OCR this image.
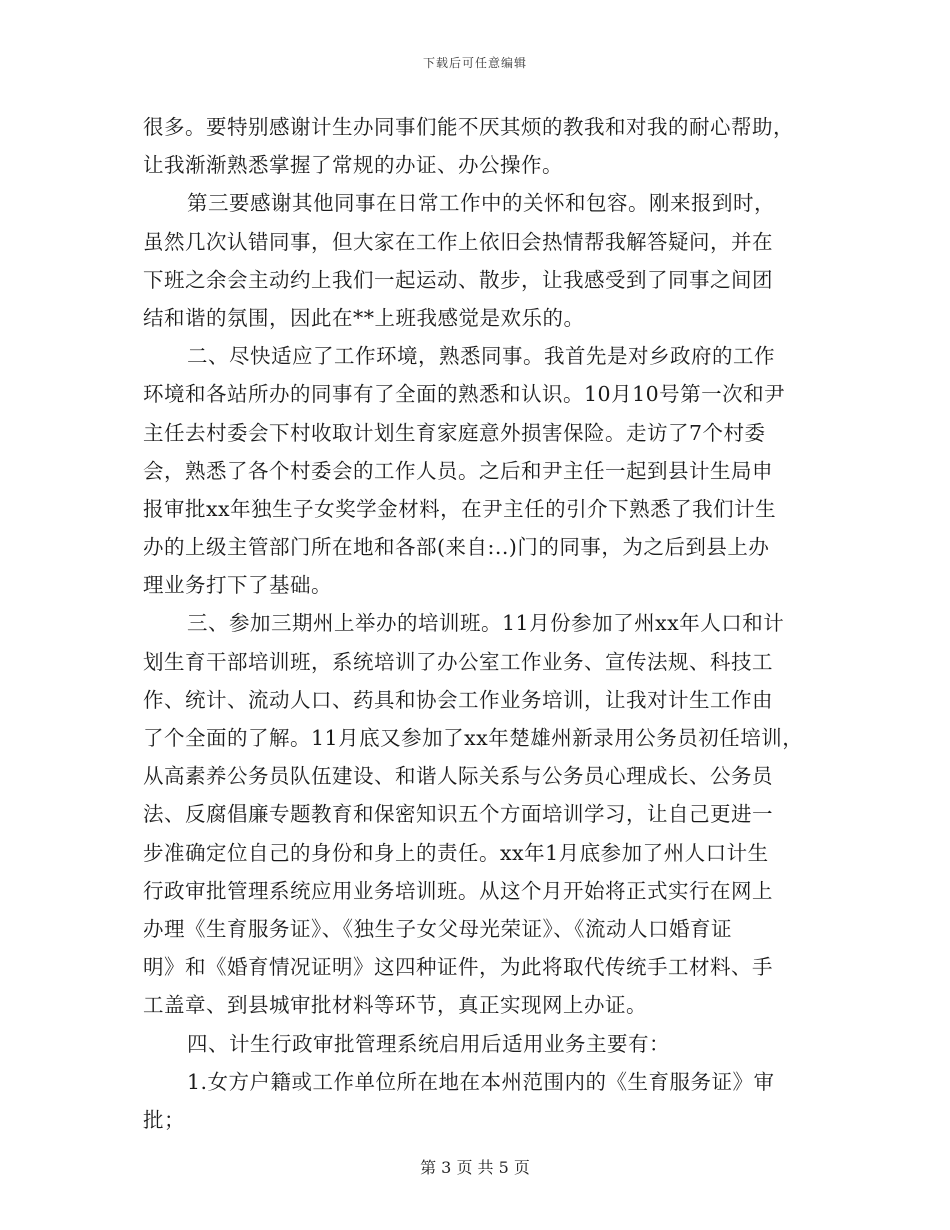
下载后可任意编辑
很多。要特别感谢计生办同事们能不厌其烦的教我和对我的耐心帮助，
让我渐渐熟悉掌握了常规的办证、办公操作。
第三要感谢其他同事在日常工作中的关怀和包容。刚来报到时，
虽然几次认错同事，但大家在工作上依旧会热情帮我解答疑问，并在
下班之余会主动约上我们一起运动、散步，让我感受到了同事之间团
结和谐的氛围，因此在**上班我感觉是欢乐的。
二、尽快适应了工作环境，熟悉同事。我首先是对乡政府的工作
环境和各站所办的同事有了全面的熟悉和认识。10月10号第一次和尹
主任去村委会下村收取计划生育家庭意外损害保险。走访了7个村委
会，熟悉了各个村委会的工作人员。之后和尹主任一起到县计生局申
报审批xx年独生子女奖学金材料，在尹主任的引介下熟悉了我们计生
办的上级主管部门所在地和各部(来自:..)门的同事，为之后到县上办
理业务打下了基础。
三、参加三期州上举办的培训班。11月份参加了州xx年人口和计
划生育干部培训班，系统培训了办公室工作业务、宣传法规、科技工
作、统计、流动人口、药具和协会工作业务培训，让我对计生工作由
了个全面的了解。11月底又参加了xx年楚雄州新录用公务员初任培训，
从高素养公务员队伍建设、和谐人际关系与公务员心理成长、公务员
法、反腐倡廉专题教育和保密知识五个方面培训学习，让自己更进一
步准确定位自己的身份和身上的责任。xx年1月底参加了州人口计生
行政审批管理系统应用业务培训班。从这个月开始将正式实行在网上
办理《生育服务证》、《独生子女父母光荣证》、《流动人口婚育证
明》和《婚育情况证明》这四种证件，为此将取代传统手工材料、手
工盖章、到县城审批材料等环节，真正实现网上办证。
四、计生行政审批管理系统启用后适用业务主要有：
1.女方户籍或工作单位所在地在本州范围内的《生育服务证》审
批；
第 3 页 共 5 页
